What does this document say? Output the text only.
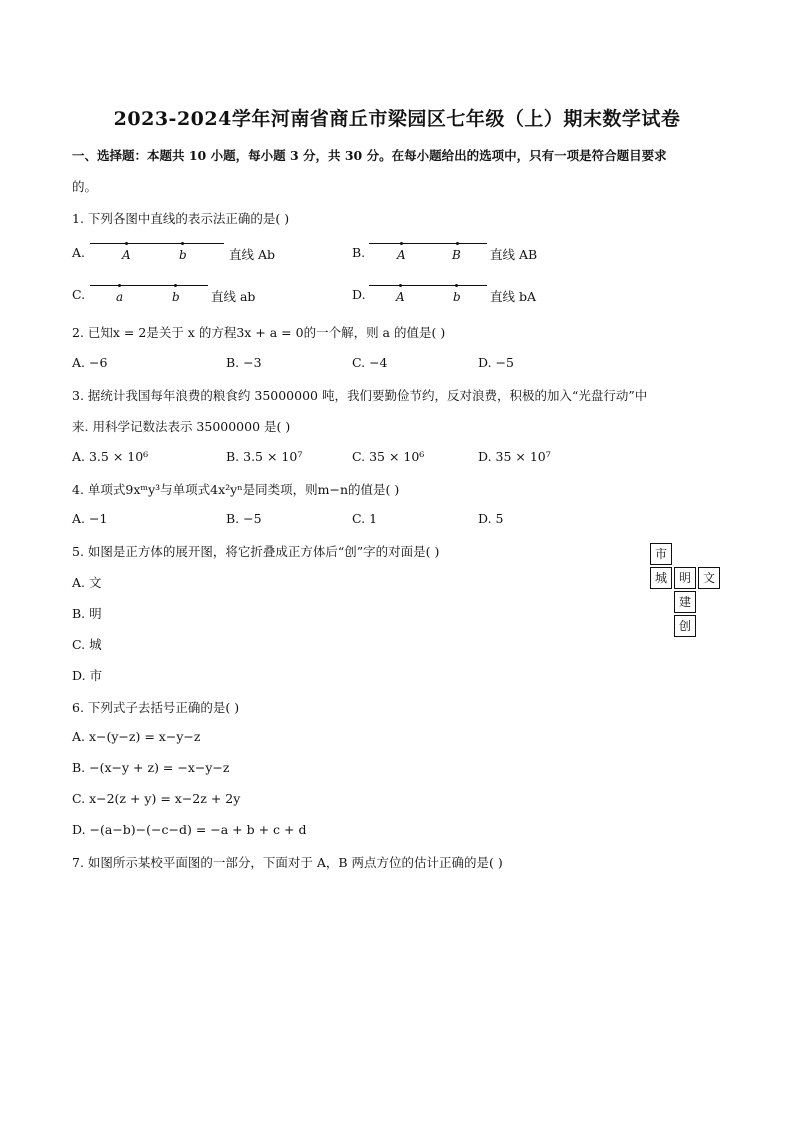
2023-2024学年河南省商丘市梁园区七年级（上）期末数学试卷
一、选择题：本题共 10 小题，每小题 3 分，共 30 分。在每小题给出的选项中，只有一项是符合题目要求
的。
1. 下列各图中直线的表示法正确的是( )
A.	A	b	直线 Ab	B.	A	B 直线 AB
C.	a	b	直线 ab	D.	A	b 直线 bA
2. 已知x = 2是关于 x 的方程3x + a = 0的一个解，则 a 的值是( )
A. −6	B. −3	C. −4	D. −5
3. 据统计我国每年浪费的粮食约 35000000 吨，我们要勤俭节约，反对浪费，积极的加入“光盘行动”中
来. 用科学记数法表示 35000000 是( )
A. 3.5 × 10⁶	B. 3.5 × 10⁷	C. 35 × 10⁶	D. 35 × 10⁷
4. 单项式9xᵐy³与单项式4x²yⁿ是同类项，则m−n的值是( )
A. −1	B. −5	C. 1	D. 5
5. 如图是正方体的展开图，将它折叠成正方体后“创”字的对面是( )
A. 文
B. 明
C. 城
D. 市
市
城 明 文
建
创
6. 下列式子去括号正确的是( )
A. x−(y−z) = x−y−z
B. −(x−y + z) = −x−y−z
C. x−2(z + y) = x−2z + 2y
D. −(a−b)−(−c−d) = −a + b + c + d
7. 如图所示某校平面图的一部分，下面对于 A，B 两点方位的估计正确的是( )
